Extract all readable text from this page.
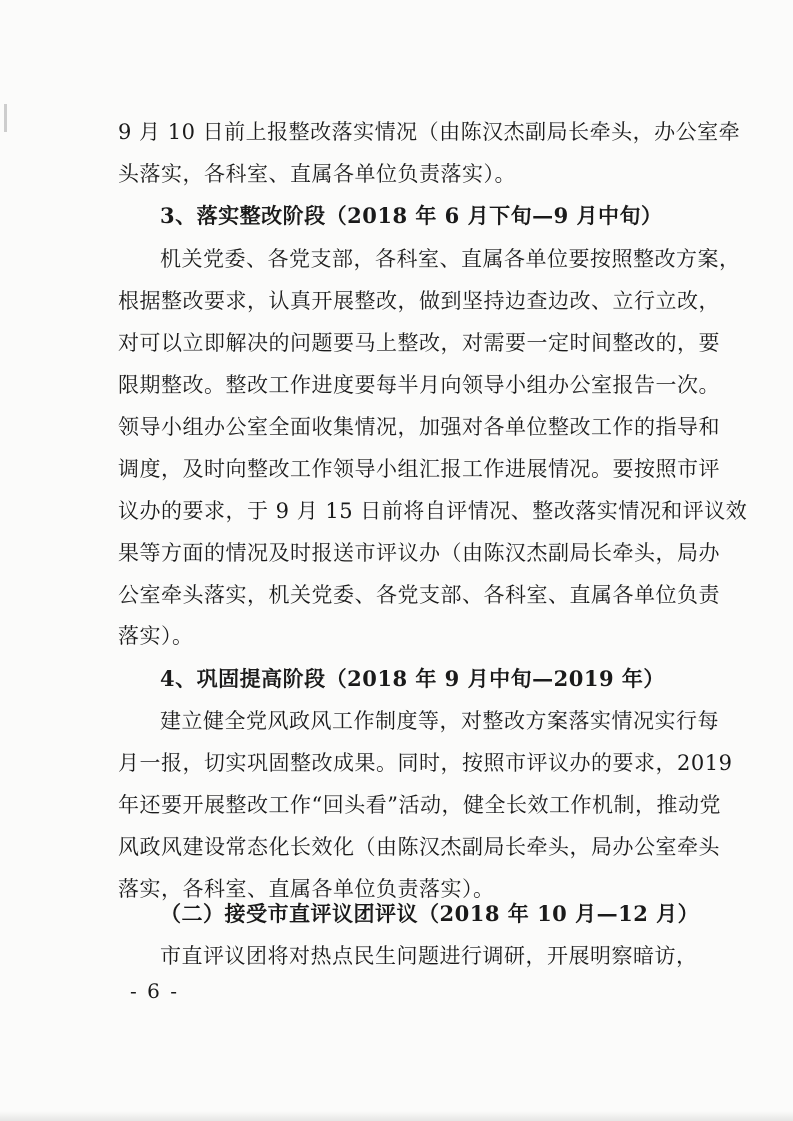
9 月 10 日前上报整改落实情况（由陈汉杰副局长牵头，办公室牵
头落实，各科室、直属各单位负责落实）。
3、落实整改阶段（2018 年 6 月下旬—9 月中旬）
机关党委、各党支部，各科室、直属各单位要按照整改方案，
根据整改要求，认真开展整改，做到坚持边查边改、立行立改，
对可以立即解决的问题要马上整改，对需要一定时间整改的，要
限期整改。整改工作进度要每半月向领导小组办公室报告一次。
领导小组办公室全面收集情况，加强对各单位整改工作的指导和
调度，及时向整改工作领导小组汇报工作进展情况。要按照市评
议办的要求，于 9 月 15 日前将自评情况、整改落实情况和评议效
果等方面的情况及时报送市评议办（由陈汉杰副局长牵头，局办
公室牵头落实，机关党委、各党支部、各科室、直属各单位负责
落实）。
4、巩固提高阶段（2018 年 9 月中旬—2019 年）
建立健全党风政风工作制度等，对整改方案落实情况实行每
月一报，切实巩固整改成果。同时，按照市评议办的要求，2019
年还要开展整改工作“回头看”活动，健全长效工作机制，推动党
风政风建设常态化长效化（由陈汉杰副局长牵头，局办公室牵头
落实，各科室、直属各单位负责落实）。
（二）接受市直评议团评议（2018 年 10 月—12 月）
市直评议团将对热点民生问题进行调研，开展明察暗访，
- 6 -
